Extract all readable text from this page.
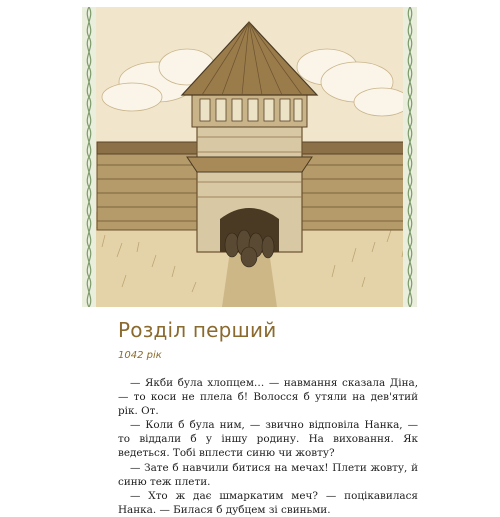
Розділ перший
1042 рік

— Якби була хлопцем… — навмання сказала Діна, — то коси не плела б! Волосся б утяли на дев'ятий рік. От.

— Коли б була ним, — звично відповіла Нанка, — то віддали б у іншу родину. На виховання. Як ведеться. Тобі вплести синю чи жовту?

— Зате б навчили битися на мечах! Плети жовту, й синю теж плети.

— Хто ж дає шмаркатим меч? — поцікавилася Нанка. — Билася б дубцем зі свиньми.
